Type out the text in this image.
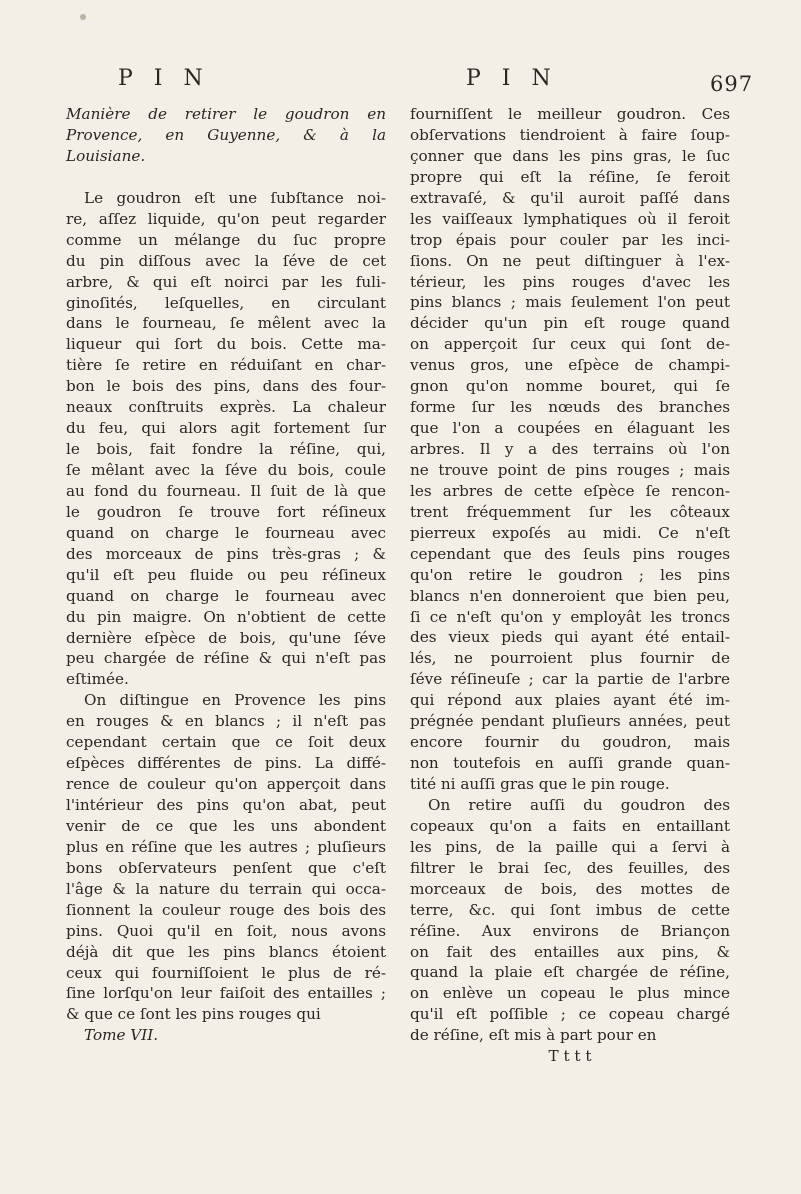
P I N	P I N	697
Manière de retirer le goudron en
Provence, en Guyenne, & à la
Louisiane.
Le goudron eſt une ſubſtance noi-
re, aſſez liquide, qu'on peut regarder
comme un mélange du ſuc propre
du pin diſſous avec la ſéve de cet
arbre, & qui eſt noirci par les fuli-
ginoſités, leſquelles, en circulant
dans le fourneau, ſe mêlent avec la
liqueur qui ſort du bois. Cette ma-
tière ſe retire en réduiſant en char-
bon le bois des pins, dans des four-
neaux conſtruits exprès. La chaleur
du feu, qui alors agit fortement ſur
le bois, fait fondre la réſine, qui,
ſe mêlant avec la ſéve du bois, coule
au fond du fourneau. Il ſuit de là que
le goudron ſe trouve fort réſineux
quand on charge le fourneau avec
des morceaux de pins très-gras ; &
qu'il eſt peu fluide ou peu réſineux
quand on charge le fourneau avec
du pin maigre. On n'obtient de cette
dernière eſpèce de bois, qu'une ſéve
peu chargée de réſine & qui n'eſt pas
eſtimée.
On diſtingue en Provence les pins
en rouges & en blancs ; il n'eſt pas
cependant certain que ce ſoit deux
eſpèces différentes de pins. La diffé-
rence de couleur qu'on apperçoit dans
l'intérieur des pins qu'on abat, peut
venir de ce que les uns abondent
plus en réſine que les autres ; pluſieurs
bons obſervateurs penſent que c'eſt
l'âge & la nature du terrain qui occa-
ſionnent la couleur rouge des bois des
pins. Quoi qu'il en ſoit, nous avons
déjà dit que les pins blancs étoient
ceux qui fourniſſoient le plus de ré-
ſine lorſqu'on leur faiſoit des entailles ;
& que ce ſont les pins rouges qui
Tome VII.
fourniſſent le meilleur goudron. Ces
obſervations tiendroient à faire ſoup-
çonner que dans les pins gras, le ſuc
propre qui eſt la réſine, ſe feroit
extravaſé, & qu'il auroit paſſé dans
les vaiſſeaux lymphatiques où il feroit
trop épais pour couler par les inci-
ſions. On ne peut diſtinguer à l'ex-
térieur, les pins rouges d'avec les
pins blancs ; mais ſeulement l'on peut
décider qu'un pin eſt rouge quand
on apperçoit ſur ceux qui ſont de-
venus gros, une eſpèce de champi-
gnon qu'on nomme bouret, qui ſe
forme ſur les nœuds des branches
que l'on a coupées en élaguant les
arbres. Il y a des terrains où l'on
ne trouve point de pins rouges ; mais
les arbres de cette eſpèce ſe rencon-
trent fréquemment ſur les côteaux
pierreux expoſés au midi. Ce n'eſt
cependant que des ſeuls pins rouges
qu'on retire le goudron ; les pins
blancs n'en donneroient que bien peu,
ſi ce n'eſt qu'on y employât les troncs
des vieux pieds qui ayant été entail-
lés, ne pourroient plus fournir de
ſéve réſineuſe ; car la partie de l'arbre
qui répond aux plaies ayant été im-
prégnée pendant pluſieurs années, peut
encore fournir du goudron, mais
non toutefois en auſſi grande quan-
tité ni auſſi gras que le pin rouge.
On retire auſſi du goudron des
copeaux qu'on a faits en entaillant
les pins, de la paille qui a ſervi à
filtrer le brai ſec, des feuilles, des
morceaux de bois, des mottes de
terre, &c. qui ſont imbus de cette
réſine. Aux environs de Briançon
on fait des entailles aux pins, &
quand la plaie eſt chargée de réſine,
on enlève un copeau le plus mince
qu'il eſt poſſible ; ce copeau chargé
de réſine, eſt mis à part pour en
T t t t
